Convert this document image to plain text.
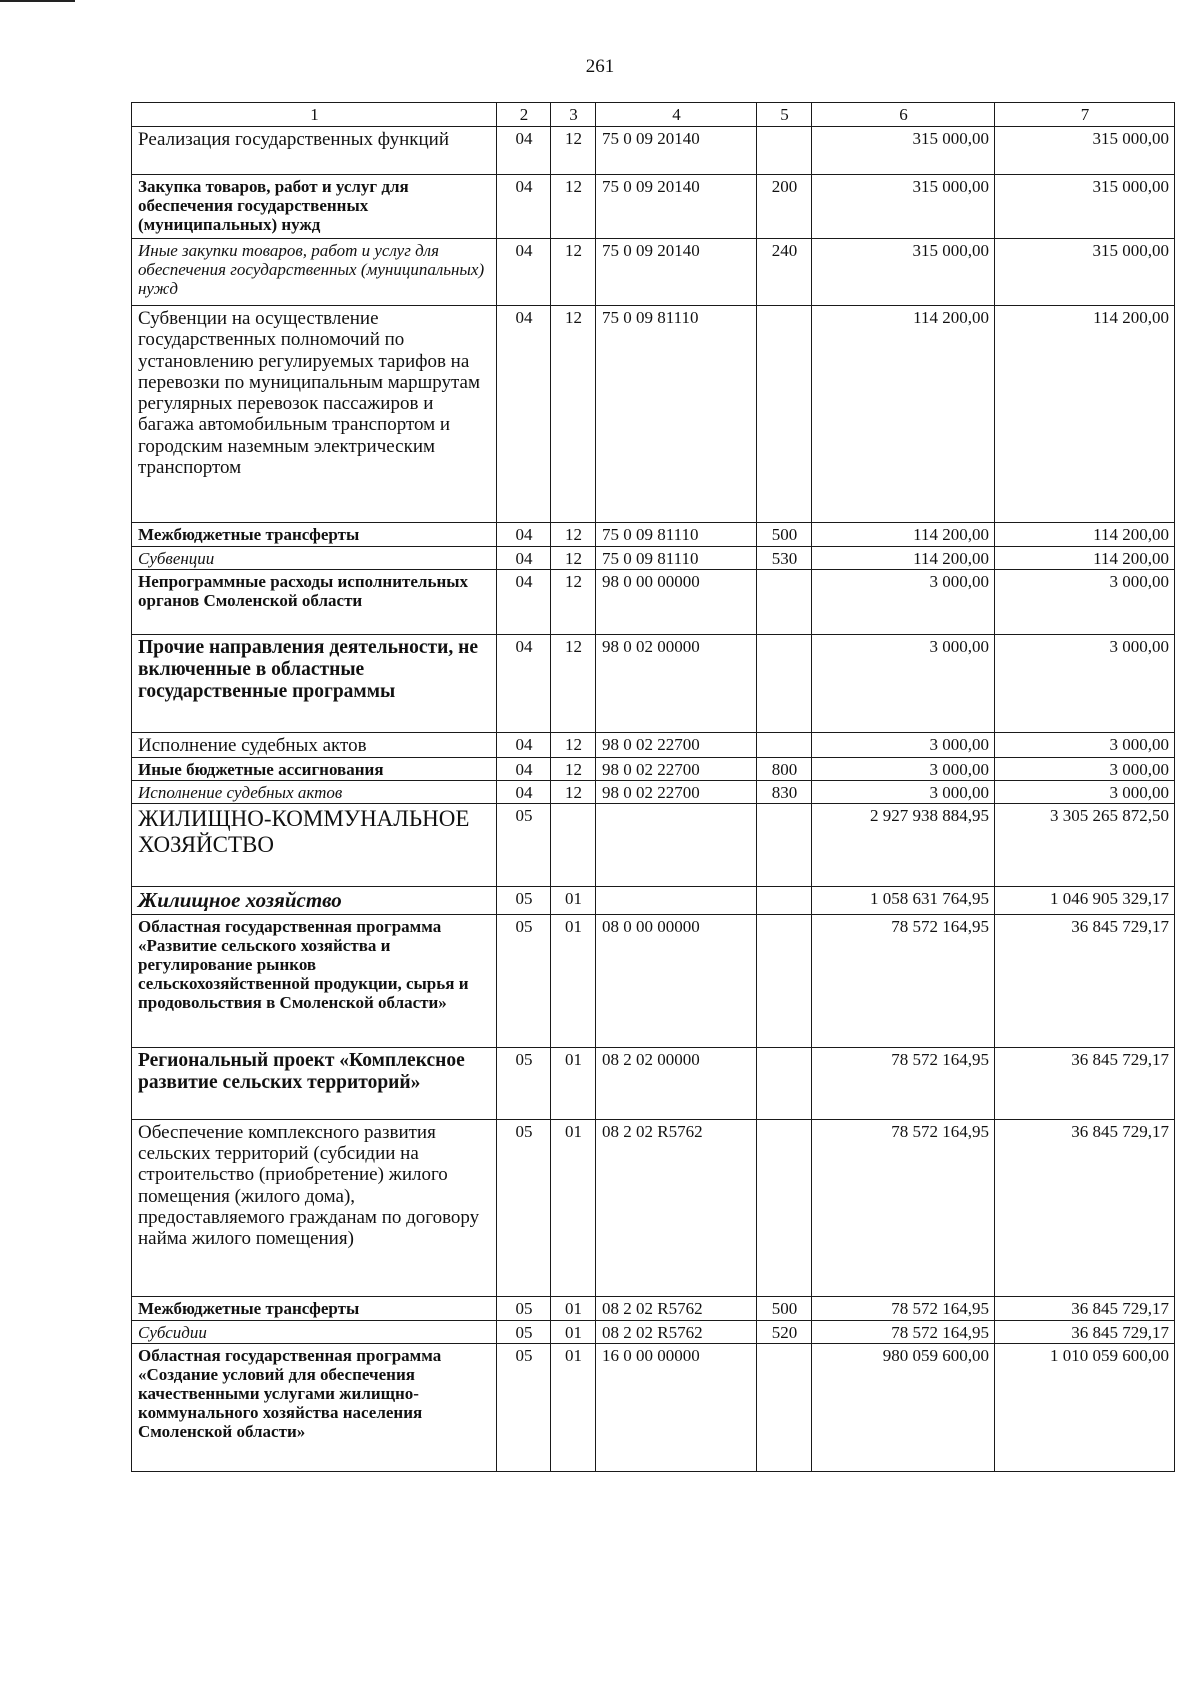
261
1	2	3	4	5	6	7
Реализация государственных функций	04	12	75 0 09 20140		315 000,00	315 000,00
Закупка товаров, работ и услуг для обеспечения государственных (муниципальных) нужд	04	12	75 0 09 20140	200	315 000,00	315 000,00
Иные закупки товаров, работ и услуг для обеспечения государственных (муниципальных) нужд	04	12	75 0 09 20140	240	315 000,00	315 000,00
Субвенции на осуществление государственных полномочий по установлению регулируемых тарифов на перевозки по муниципальным маршрутам регулярных перевозок пассажиров и багажа автомобильным транспортом и городским наземным электрическим транспортом	04	12	75 0 09 81110		114 200,00	114 200,00
Межбюджетные трансферты	04	12	75 0 09 81110	500	114 200,00	114 200,00
Субвенции	04	12	75 0 09 81110	530	114 200,00	114 200,00
Непрограммные расходы исполнительных органов Смоленской области	04	12	98 0 00 00000		3 000,00	3 000,00
Прочие направления деятельности, не включенные в областные государственные программы	04	12	98 0 02 00000		3 000,00	3 000,00
Исполнение судебных актов	04	12	98 0 02 22700		3 000,00	3 000,00
Иные бюджетные ассигнования	04	12	98 0 02 22700	800	3 000,00	3 000,00
Исполнение судебных актов	04	12	98 0 02 22700	830	3 000,00	3 000,00
ЖИЛИЩНО-КОММУНАЛЬНОЕ ХОЗЯЙСТВО	05				2 927 938 884,95	3 305 265 872,50
Жилищное хозяйство	05	01			1 058 631 764,95	1 046 905 329,17
Областная государственная программа «Развитие сельского хозяйства и регулирование рынков сельскохозяйственной продукции, сырья и продовольствия в Смоленской области»	05	01	08 0 00 00000		78 572 164,95	36 845 729,17
Региональный проект «Комплексное развитие сельских территорий»	05	01	08 2 02 00000		78 572 164,95	36 845 729,17
Обеспечение комплексного развития сельских территорий (субсидии на строительство (приобретение) жилого помещения (жилого дома), предоставляемого гражданам по договору найма жилого помещения)	05	01	08 2 02 R5762		78 572 164,95	36 845 729,17
Межбюджетные трансферты	05	01	08 2 02 R5762	500	78 572 164,95	36 845 729,17
Субсидии	05	01	08 2 02 R5762	520	78 572 164,95	36 845 729,17
Областная государственная программа «Создание условий для обеспечения качественными услугами жилищно-коммунального хозяйства населения Смоленской области»	05	01	16 0 00 00000		980 059 600,00	1 010 059 600,00
